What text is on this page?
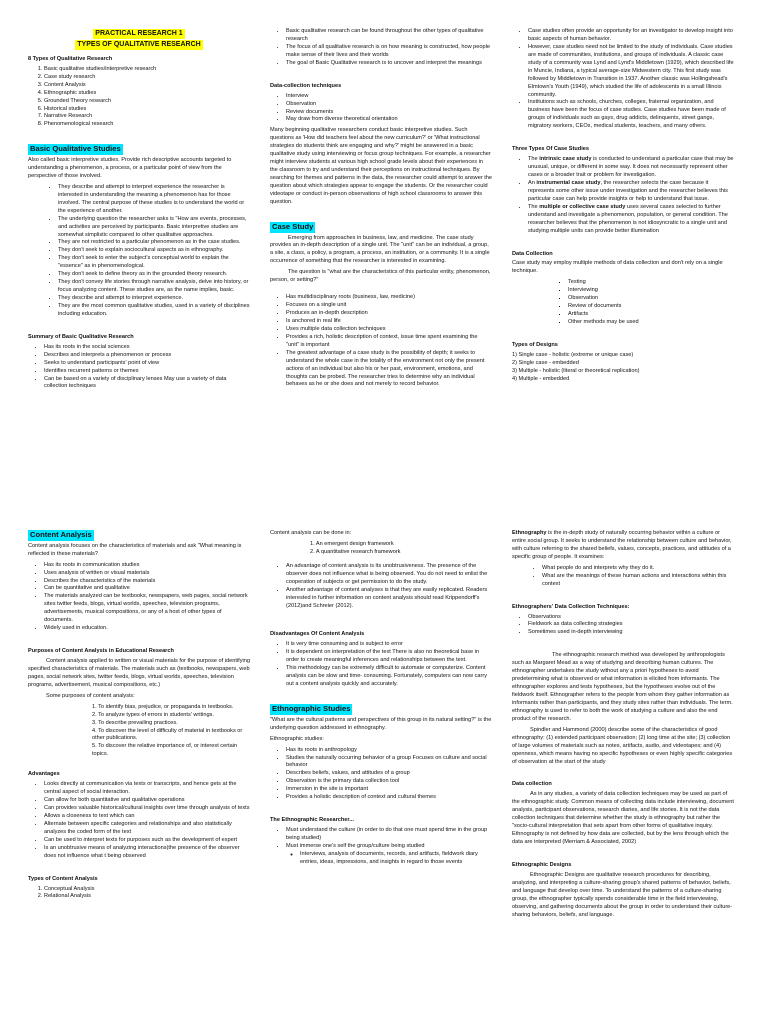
PRACTICAL RESEARCH 1
TYPES OF QUALITATIVE RESEARCH
8 Types of Qualitative Research
1. Basic qualitative studies/interpretive research
2. Case study research
3. Content Analysis
4. Ethnographic studies
5. Grounded Theory research
6. Historical studies
7. Narrative Research
8. Phenomenological research
Basic Qualitative Studies

Also called basic interpretive studies. Provide rich descriptive accounts targeted to understanding a phenomenon, a process, or a particular point of view from the perspective of those involved.

• They describe and attempt to interpret experience the researcher is interested in understanding the meaning a phenomenon has for those involved. The central purpose of these studies is to understand the world or the experience of another.
• The underlying question the researcher asks is "How are events, processes, and activities are perceived by participants. Basic interpretive studies are somewhat simplistic compared to other qualitative approaches.
• They are not restricted to a particular phenomenon as in the case studies.
• They don't seek to explain sociocultural aspects as in ethnography.
• They don't seek to enter the subject's conceptual world to explain the "essence" as in phenomenological.
• They don't seek to define theory as in the grounded theory research.
• They don't convey life stories through narrative analysis, delve into history, or focus analyzing content. These studies are, as the name implies, basic.
• They describe and attempt to interpret experience.
• They are the most common qualitative studies, used in a variety of disciplines including education.
Summary of Basic Qualitative Research
• Has its roots in the social sciences
• Describes and interprets a phenomenon or process
• Seeks to understand participants' point of view
• Identifies recurrent patterns or themes
• Can be based on a variety of disciplinary lenses May use a variety of data collection techniques
• Basic qualitative research can be found throughout the other types of qualitative research
• The focus of all qualitative research is on how meaning is constructed, how people make sense of their lives and their worlds
• The goal of Basic Qualitative research is to uncover and interpret the meanings
Data-collection techniques
• Interview
• Observation
• Review documents
• May draw from diverse theoretical orientation

Many beginning qualitative researchers conduct basic interpretive studies. Such questions as 'How did teachers feel about the new curriculum?' or 'What instructional strategies do students think are engaging and why?' might be answered in a basic qualitative study using interviewing or focus group techniques. For example, a researcher might interview students at various high school grade levels about their experiences in the classroom to try and understand their perceptions on instructional techniques. By searching for themes and patterns in the data, the researcher could attempt to answer the question about which strategies appear to engage the students. Or the researcher could videotape or conduct in-person observations of high school classrooms to answer this question.

Case Study

Emerging from approaches in business, law, and medicine. The case study provides an in-depth description of a single unit. The "unit" can be an individual, a group, a site, a class, a policy, a program, a process, an institution, or a community. It is a single occurrence of something that the researcher is interested in examining.

The question is "what are the characteristics of this particular entity, phenomenon, person, or setting?"

• Has multidisciplinary roots (business, law, medicine)
• Focuses on a single unit
• Produces an in-depth description
• Is anchored in real life
• Uses multiple data collection techniques
• Provides a rich, holistic description of context, issue time spent examining the "unit" is important
• The greatest advantage of a case study is the possibility of depth; it seeks to understand the whole case in the totality of the environment not only the present actions of an individual but also his or her past, environment, emotions, and thoughts can be probed. The researcher tries to determine why an individual behaves as he or she does and not merely to record behavior.
• Case studies often provide an opportunity for an investigator to develop insight into basic aspects of human behavior.
• However, case studies need not be limited to the study of individuals. Case studies are made of communities, institutions, and groups of individuals. A classic case study of a community was Lynd and Lynd's Middletown (1929), which described life in Muncie, Indiana, a typical average-size Midwestern city. This first study was followed by Middletown in Transition in 1937. Another classic was Hollingshead's Elmtown's Youth (1949), which studied the life of adolescents in a small Illinois community.
• Institutions such as schools, churches, colleges, fraternal organization, and business have been the focus of case studies. Case studies have been made of groups of individuals such as gays, drug addicts, delinquents, street gangs, migratory workers, CEOs, medical students, teachers, and many others.
Three Types Of Case Studies
• The intrinsic case study is conducted to understand a particular case that may be unusual, unique, or different in some way. It does not necessarily represent other cases or a broader trait or problem for investigation.
• An instrumental case study, the researcher selects the case because it represents some other issue under investigation and the researcher believes this particular case can help provide insights or help to understand that issue.
• The multiple or collective case study uses several cases selected to further understand and investigate a phenomenon, population, or general condition. The researcher believes that the phenomenon is not idiosyncratic to a single unit and studying multiple units can provide better illumination
Data Collection

Case study may employ multiple methods of data collection and don't rely on a single technique.

▪ Testing
▪ Interviewing
▪ Observation
▪ Review of documents
▪ Artifacts
▪ Other methods may be used
Types of Designs
1) Single case - holistic (extreme or unique case)
2) Single case - embedded
3) Multiple - holistic (literal or theoretical replication)
4) Multiple - embedded
Content Analysis

Content analysis focuses on the characteristics of materials and ask "What meaning is reflected in these materials?

• Has its roots in communication studies
• Uses analysis of written or visual materials
• Describes the characteristics of the materials
• Can be quantitative and qualitative
• The materials analyzed can be textbooks, newspapers, web pages, social network sites twitter feeds, blogs, virtual worlds, speeches, television programs, advertisements, musical compositions, or any of a host of other types of documents.
• Widely used in education.
Purposes of Content Analysis in Educational Research

Content analysis applied to written or visual materials for the purpose of identifying specified characteristics of materials. The materials such as (textbooks, newspapers, web pages, social network sites, twitter feeds, blogs, virtual worlds, speeches, television programs, advertisement, musical compositions, etc.)

Some purposes of content analysis:

1. To identify bias, prejudice, or propaganda in textbooks.
2. To analyze types of errors in students' writings.
3. To describe prevailing practices.
4. To discover the level of difficulty of material in textbooks or other publications.
5. To discover the relative importance of, or interest certain topics.
Advantages
• Looks directly at communication via texts or transcripts, and hence gets at the central aspect of social interaction.
• Can allow for both quantitative and qualitative operations
• Can provides valuable historical/cultural insights over time through analysis of texts
• Allows a closeness to text which can
• Alternate between specific categories and relationships and also statistically analyzes the coded form of the text
• Can be used to interpret texts for purposes such as the development of expert
• Is an unobtrusive means of analyzing interactions(the presence of the observer does not influence what t being observed
Types of Content Analysis
1. Conceptual Analysis
2. Relational Analysis

Content analysis can be done in:

1. An emergent design framework
2. A quantitative research framework
• An advantage of content analysis is its unobtrusiveness. The presence of the observer does not influence what is being observed. You do not need to enlist the cooperation of subjects or get permission to do the study.
• Another advantage of content analyses is that they are easily replicated. Readers interested in further information on content analysis should read Krippendorff's (2012)and Schreier (2012).
Disadvantages Of Content Analysis
• It is very time consuming and is subject to error
• It is dependent on interpretation of the text There is also no theoretical base in order to create meaningful inferences and relationships between the text.
• This methodology can be extremely difficult to automate or computerize. Content analysis can be slow and time- consuming. Fortunately, computers can now carry out a content analysis quickly and accurately.
Ethnographic Studies

"What are the cultural patterns and perspectives of this group in its natural setting?" is the underlying question addressed in ethnography.

Ethnographic studies:

• Has its roots in anthropology
• Studies the naturally occurring behavior of a group Focuses on culture and social behavior
• Describes beliefs, values, and attitudes of a group
• Observation is the primary data collection tool
• Immersion in the site is important
• Provides a holistic description of context and cultural themes
The Ethnographic Researcher...
• Must understand the culture (in order to do that one must spend time in the group being studied)
• Must immerse one's self the group/culture being studied
◦ Interviews, analysis of documents, records, and artifacts, fieldwork diary entries, ideas, impressions, and insights in regard to those events

Ethnography is the in-depth study of naturally occurring behavior within a culture or entire social group. It seeks to understand the relationship between culture and behavior, with culture referring to the shared beliefs, values, concepts, practices, and attitudes of a specific group of people. It examines:

• What people do and interprets why they do it.
• What are the meanings of these human actions and interactions within this context
Ethnographers' Data Collection Techniques:
• Observations
• Fieldwork as data collecting strategies
• Sometimes used in-depth interviewing

The ethnographic research method was developed by anthropologists such as Margaret Mead as a way of studying and describing human cultures. The ethnographer undertakes the study without any a priori hypotheses to avoid predetermining what is observed or what information is elicited from informants. The ethnographer explores and tests hypotheses, but the hypotheses evolve out of the fieldwork itself. Ethnographer refers to the people from whom they gather information as informants rather than participants, and they study sites rather than individuals. The term. ethnography is used to refer to both the work of studying a culture and also the end product of the research.

Spindler and Hammond (2000) describe some of the characteristics of good ethnography: (1) extended participant observation; (2) long time at the site; (3) collection of large volumes of materials such as notes, artifacts, audio, and videotapes; and (4) openness, which means having no specific hypotheses or even highly specific categories of observation at the start of the study

Data collection

As in any studies, a variety of data collection techniques may be used as part of the ethnographic study. Common means of collecting data include interviewing, document analysis, participant observations, research diaries, and life stories. It is not the data collection techniques that determine whether the study is ethnography but rather the "socio-cultural interpretation that sets apart from other forms of qualitative inquiry. Ethnography is not defined by how data are collected, but by the lens through which the data are interpreted (Merriam & Associated, 2002)

Ethnographic Designs

Ethnographic Designs are qualitative research procedures for describing, analyzing, and interpreting a culture-sharing group's shared patterns of behavior, beliefs, and language that develop over time. To understand the patterns of a culture-sharing group, the ethnographer typically spends considerable time in the field interviewing, observing, and gathering documents about the group in order to understand their culture-sharing behaviors, beliefs, and language.
